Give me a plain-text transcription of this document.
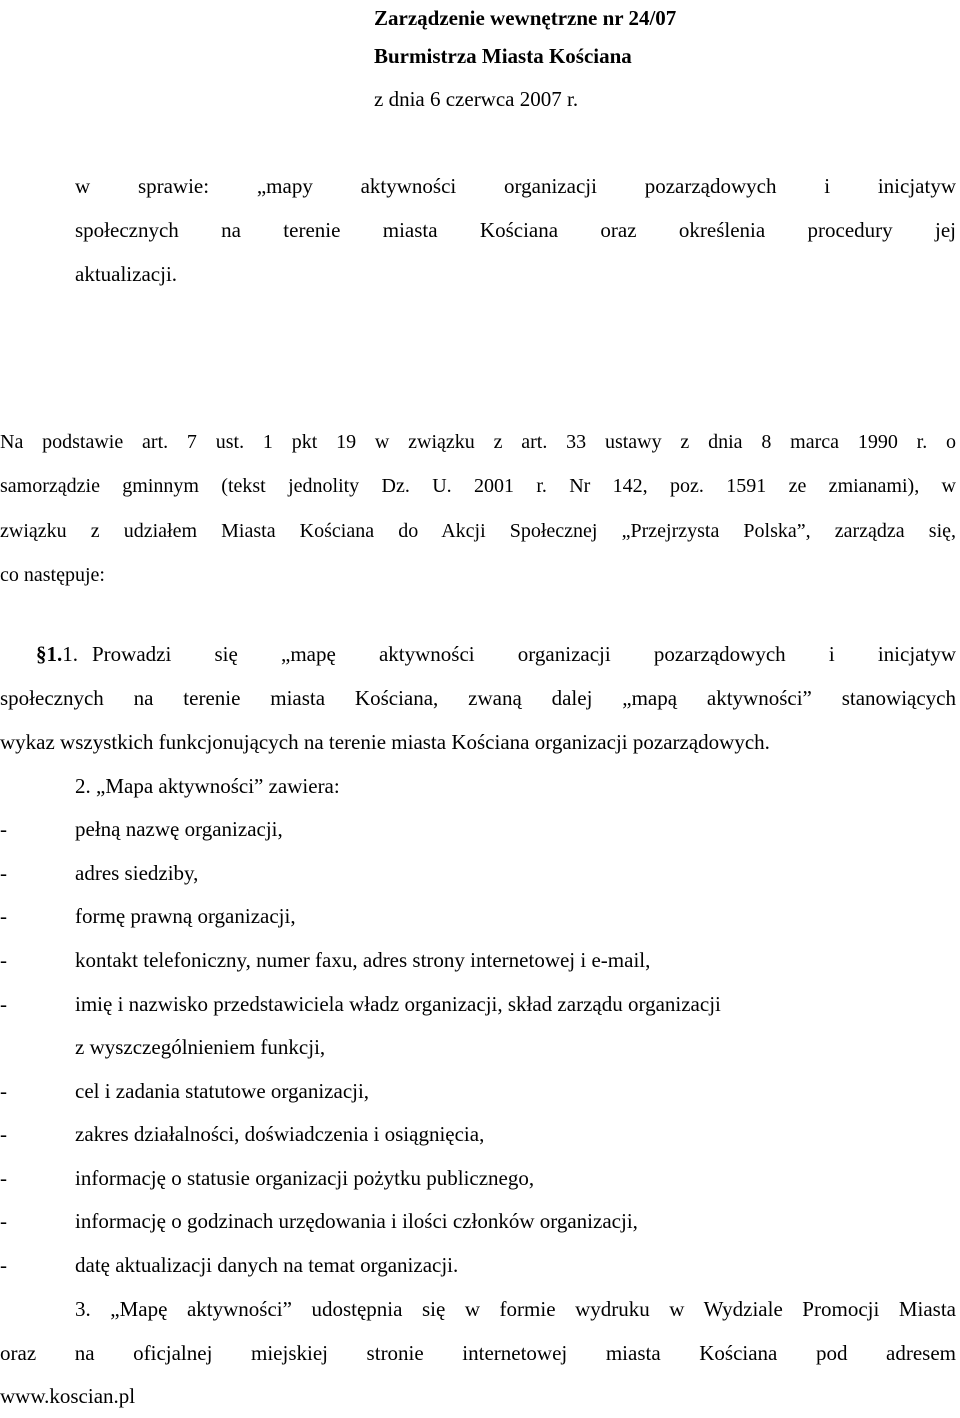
Zarządzenie wewnętrzne nr 24/07
Burmistrza Miasta Kościana
z dnia 6 czerwca 2007 r.
w sprawie: „mapy aktywności organizacji pozarządowych i inicjatyw
społecznych na terenie miasta Kościana oraz określenia procedury jej
aktualizacji.
Na podstawie art. 7 ust. 1 pkt 19 w związku z art. 33 ustawy z dnia 8 marca 1990 r. o
samorządzie gminnym (tekst jednolity Dz. U. 2001 r. Nr 142, poz. 1591 ze zmianami), w
związku z udziałem Miasta Kościana do Akcji Społecznej „Przejrzysta Polska”, zarządza się,
co następuje:
§1. 1. Prowadzi się „mapę aktywności organizacji pozarządowych i inicjatyw
społecznych na terenie miasta Kościana, zwaną dalej „mapą aktywności” stanowiących
wykaz wszystkich funkcjonujących na terenie miasta Kościana organizacji pozarządowych.
2. „Mapa aktywności” zawiera:
-	pełną nazwę organizacji,
-	adres siedziby,
-	formę prawną organizacji,
-	kontakt telefoniczny, numer faxu, adres strony internetowej i e-mail,
-	imię i nazwisko przedstawiciela władz organizacji, skład zarządu organizacji
z wyszczególnieniem funkcji,
-	cel i zadania statutowe organizacji,
-	zakres działalności, doświadczenia i osiągnięcia,
-	informację o statusie organizacji pożytku publicznego,
-	informację o godzinach urzędowania i ilości członków organizacji,
-	datę aktualizacji danych na temat organizacji.
3. „Mapę aktywności” udostępnia się w formie wydruku w Wydziale Promocji Miasta
oraz na oficjalnej miejskiej stronie internetowej miasta Kościana pod adresem
www.koscian.pl
